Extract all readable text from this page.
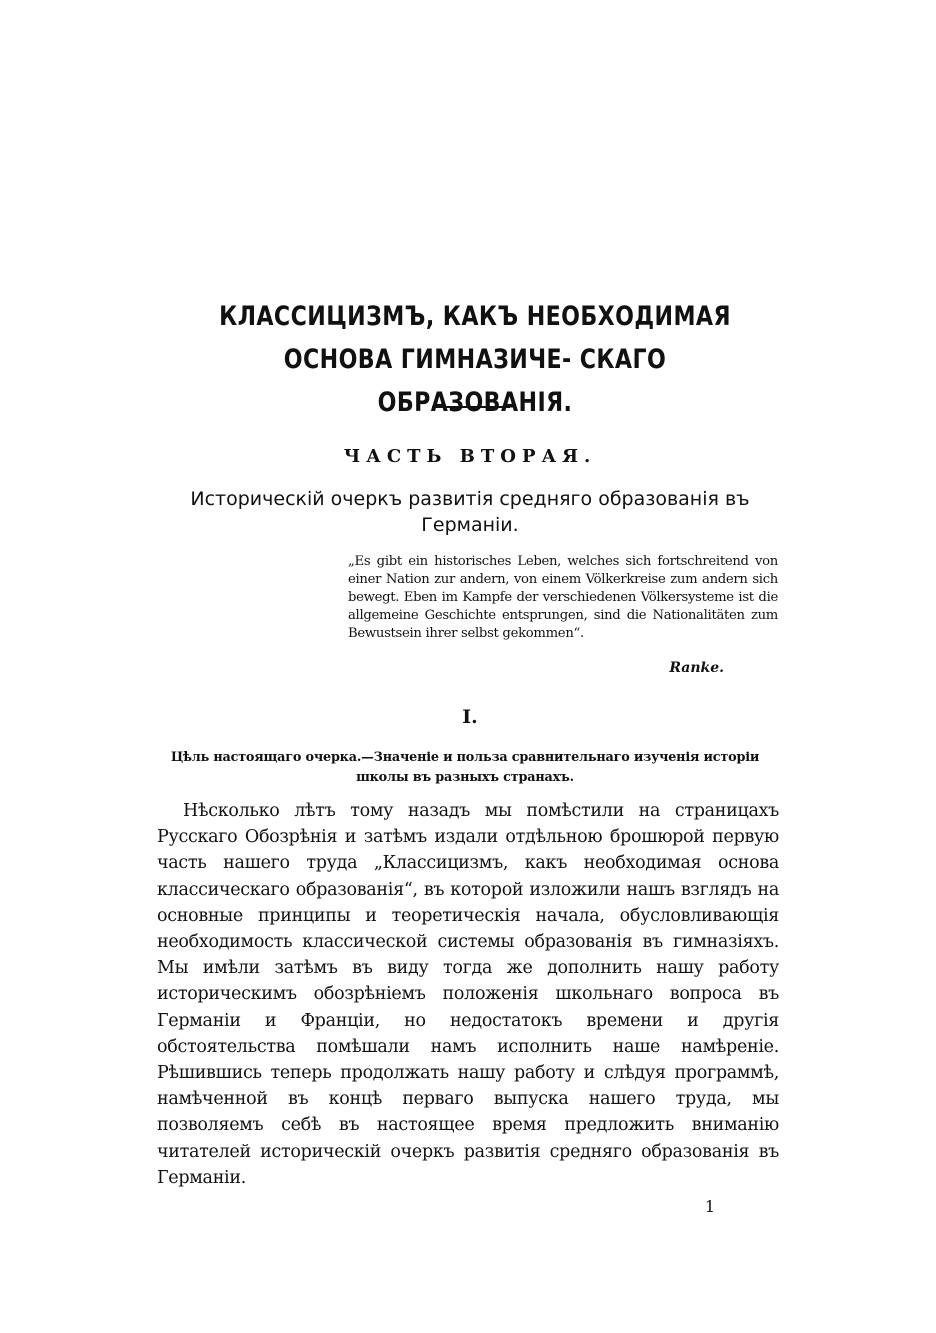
КЛАССИЦИЗМЪ, КАКЪ НЕОБХОДИМАЯ ОСНОВА ГИМНАЗИЧЕ- СКАГО ОБРАЗОВАНIЯ.
ЧАСТЬ ВТОРАЯ.
Историческій очеркъ развитія средняго образованія въ Германіи.
„Es gibt ein historisches Leben, welches sich fortschreitend von einer Nation zur andern, von einem Völkerkreise zum andern sich bewegt. Eben im Kampfe der verschiedenen Völkersysteme ist die allgemeine Geschichte entsprungen, sind die Nationalitäten zum Bewustsein ihrer selbst gekommen“.
Ranke.
I.
Цѣль настоящаго очерка.—Значеніе и польза сравнительнаго изученія исторіи школы въ разныхъ странахъ.
Нѣсколько лѣтъ тому назадъ мы помѣстили на страницахъ Русскаго Обозрѣнія и затѣмъ издали отдѣльною брошюрой первую часть нашего труда „Классицизмъ, какъ необходимая основа классическаго образованія“, въ которой изложили нашъ взглядъ на основные принципы и теоретическія начала, обусловливающія необходимость классической системы образованія въ гимназіяхъ. Мы имѣли затѣмъ въ виду тогда же дополнить нашу работу историческимъ обозрѣніемъ положенія школьнаго вопроса въ Германіи и Франціи, но недостатокъ времени и другія обстоятельства помѣшали намъ исполнить наше намѣреніе. Рѣшившись теперь продолжать нашу работу и слѣдуя программѣ, намѣченной въ концѣ перваго выпуска нашего труда, мы позволяемъ себѣ въ настоящее время предложить вниманію читателей историческій очеркъ развитія средняго образованія въ Германіи.
1
